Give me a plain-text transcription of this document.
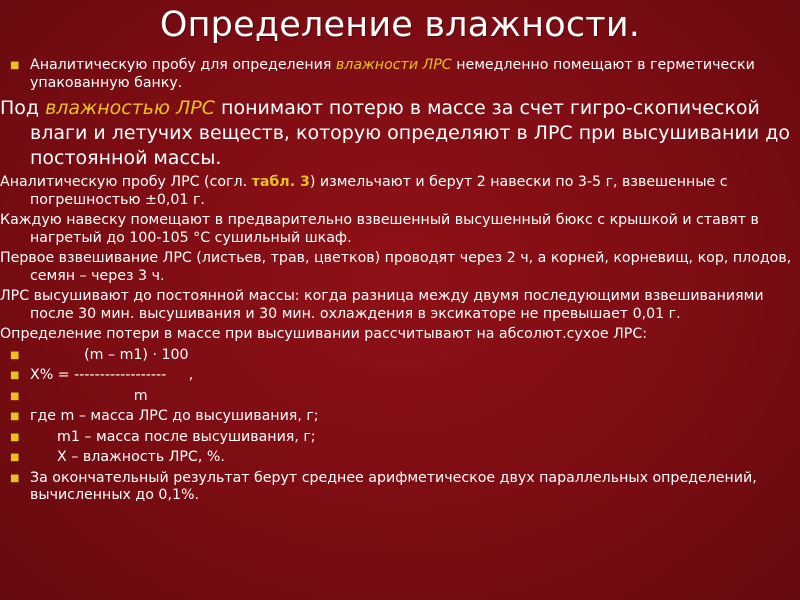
Определение влажности.
■ Аналитическую пробу для определения влажности ЛРС немедленно помещают в герметически упакованную банку.
Под влажностью ЛРС понимают потерю в массе за счет гигро-скопической влаги и летучих веществ, которую определяют в ЛРС при высушивании до постоянной массы.
Аналитическую пробу ЛРС (согл. табл. 3) измельчают и берут 2 навески по 3-5 г, взвешенные с погрешностью ±0,01 г.
Каждую навеску помещают в предварительно взвешенный высушенный бюкс с крышкой и ставят в нагретый до 100-105 °С сушильный шкаф.
Первое взвешивание ЛРС (листьев, трав, цветков) проводят через 2 ч, а корней, корневищ, кор, плодов, семян – через 3 ч.
ЛРС высушивают до постоянной массы: когда разница между двумя последующими взвешиваниями после 30 мин. высушивания и 30 мин. охлаждения в эксикаторе не превышает 0,01 г.
Определение потери в массе при высушивании рассчитывают на абсолют.сухое ЛРС:
■            (m – m1) · 100
■ X% = ------------------     ,
■                       m
■ где m – масса ЛРС до высушивания, г;
■      m1 – масса после высушивания, г;
■      X – влажность ЛРС, %.
■ За окончательный результат берут среднее арифметическое двух параллельных определений, вычисленных до 0,1%.
